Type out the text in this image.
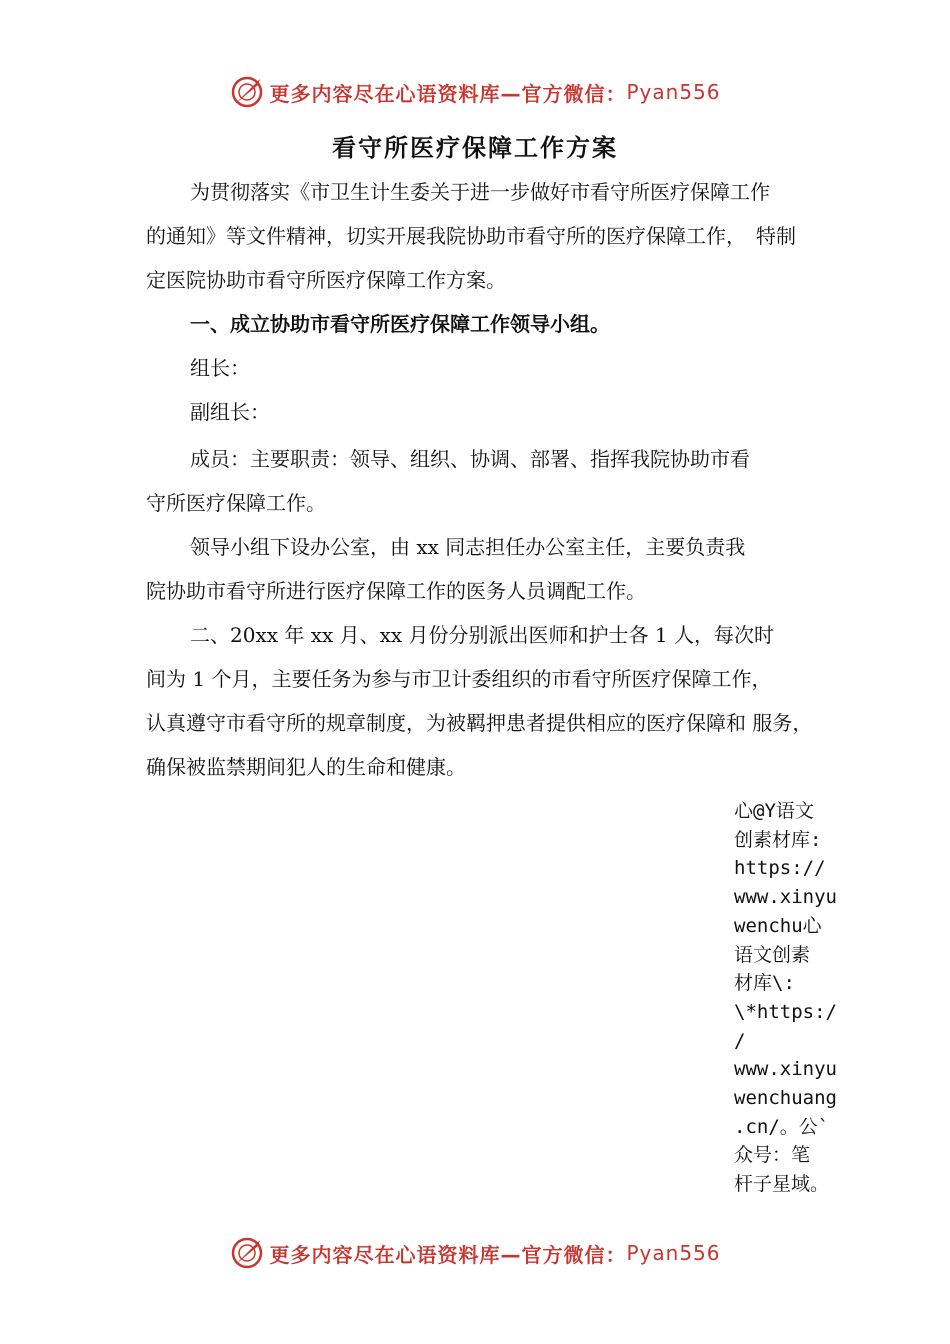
更多内容尽在心语资料库—官方微信： Pyan556
看守所医疗保障工作方案
为贯彻落实《市卫生计生委关于进一步做好市看守所医疗保障工作
的通知》等文件精神，切实开展我院协助市看守所的医疗保障工作，　特制
定医院协助市看守所医疗保障工作方案。
一、成立协助市看守所医疗保障工作领导小组。
组长：
副组长：
成员：主要职责：领导、组织、协调、部署、指挥我院协助市看
守所医疗保障工作。
领导小组下设办公室，由 xx 同志担任办公室主任，主要负责我
院协助市看守所进行医疗保障工作的医务人员调配工作。
二、20xx 年 xx 月、xx 月份分别派出医师和护士各 1 人，每次时
间为 1 个月，主要任务为参与市卫计委组织的市看守所医疗保障工作，
认真遵守市看守所的规章制度，为被羁押患者提供相应的医疗保障和 服务，
确保被监禁期间犯人的生命和健康。
心@Y语文
创素材库:
https://
www.xinyu
wenchu心
语文创素
材库\:
\*https:/
/
www.xinyu
wenchuang
.cn/。公`
众号：笔
杆子星域。
更多内容尽在心语资料库—官方微信： Pyan556
